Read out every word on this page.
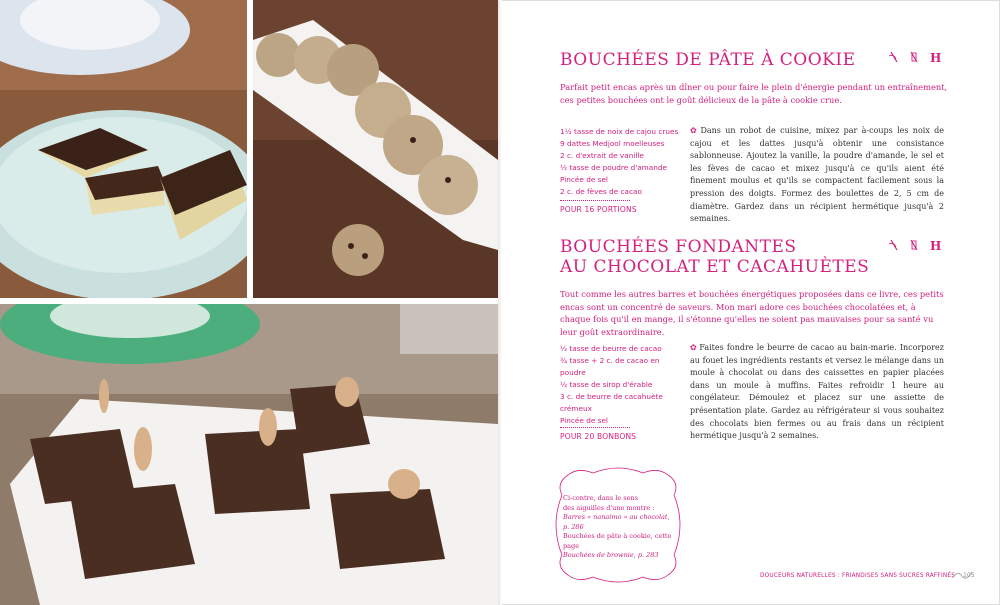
BOUCHÉES DE PÂTE À COOKIE	H

Parfait petit encas après un dîner ou pour faire le plein d'énergie pendant un entraînement, ces petites bouchées ont le goût délicieux de la pâte à cookie crue.

1½ tasse de noix de cajou crues
9 dattes Medjool moelleuses
2 c. d'extrait de vanille
½ tasse de poudre d'amande
Pincée de sel
2 c. de fèves de cacao
POUR 16 PORTIONS

✿ Dans un robot de cuisine, mixez par à-coups les noix de cajou et les dattes jusqu'à obtenir une consistance sablonneuse. Ajoutez la vanille, la poudre d'amande, le sel et les fèves de cacao et mixez jusqu'à ce qu'ils aient été finement moulus et qu'ils se compactent facilement sous la pression des doigts. Formez des boulettes de 2, 5 cm de diamètre. Gardez dans un récipient hermétique jusqu'à 2 semaines.

BOUCHÉES FONDANTES
AU CHOCOLAT ET CACAHUÈTES
H

Tout comme les autres barres et bouchées énergétiques proposées dans ce livre, ces petits encas sont un concentré de saveurs. Mon mari adore ces bouchées chocolatées et, à chaque fois qu'il en mange, il s'étonne qu'elles ne soient pas mauvaises pour sa santé vu leur goût extraordinaire.

½ tasse de beurre de cacao
¾ tasse + 2 c. de cacao en poudre
½ tasse de sirop d'érable
3 c. de beurre de cacahuète crémeux
Pincée de sel
POUR 20 BONBONS

✿ Faites fondre le beurre de cacao au bain-marie. Incorporez au fouet les ingrédients restants et versez le mélange dans un moule à chocolat ou dans des caissettes en papier placées dans un moule à muffins. Faites refroidir 1 heure au congélateur. Démoulez et placez sur une assiette de présentation plate. Gardez au réfrigérateur si vous souhaitez des chocolats bien fermes ou au frais dans un récipient hermétique jusqu'à 2 semaines.

Ci-contre, dans le sens

des aiguilles d'une montre :

Barres « nanaimo » au chocolat, p. 286

Bouchées de pâte à cookie, cette page

Bouchées de brownie, p. 283

DOUCEURS NATURELLES : FRIANDISES SANS SUCRES RAFFINÉS 105
